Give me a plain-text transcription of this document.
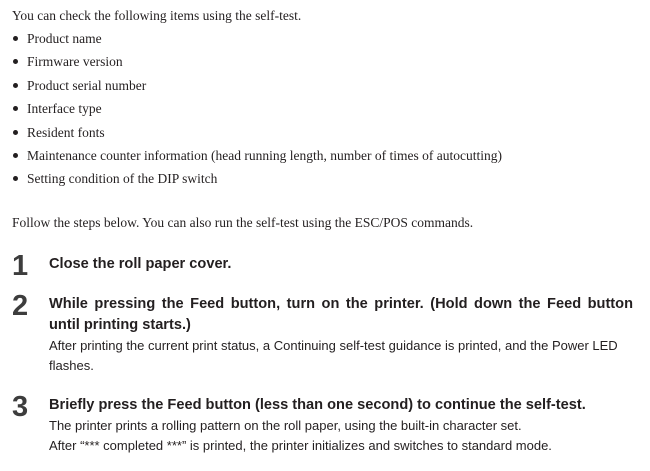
You can check the following items using the self-test.

Product name
Firmware version
Product serial number
Interface type
Resident fonts
Maintenance counter information (head running length, number of times of autocutting)
Setting condition of the DIP switch

Follow the steps below. You can also run the self-test using the ESC/POS commands.

1 Close the roll paper cover.

2 While pressing the Feed button, turn on the printer. (Hold down the Feed button until printing starts.)

After printing the current print status, a Continuing self-test guidance is printed, and the Power LED flashes.

3 Briefly press the Feed button (less than one second) to continue the self-test.

The printer prints a rolling pattern on the roll paper, using the built-in character set.

After “*** completed ***” is printed, the printer initializes and switches to standard mode.
